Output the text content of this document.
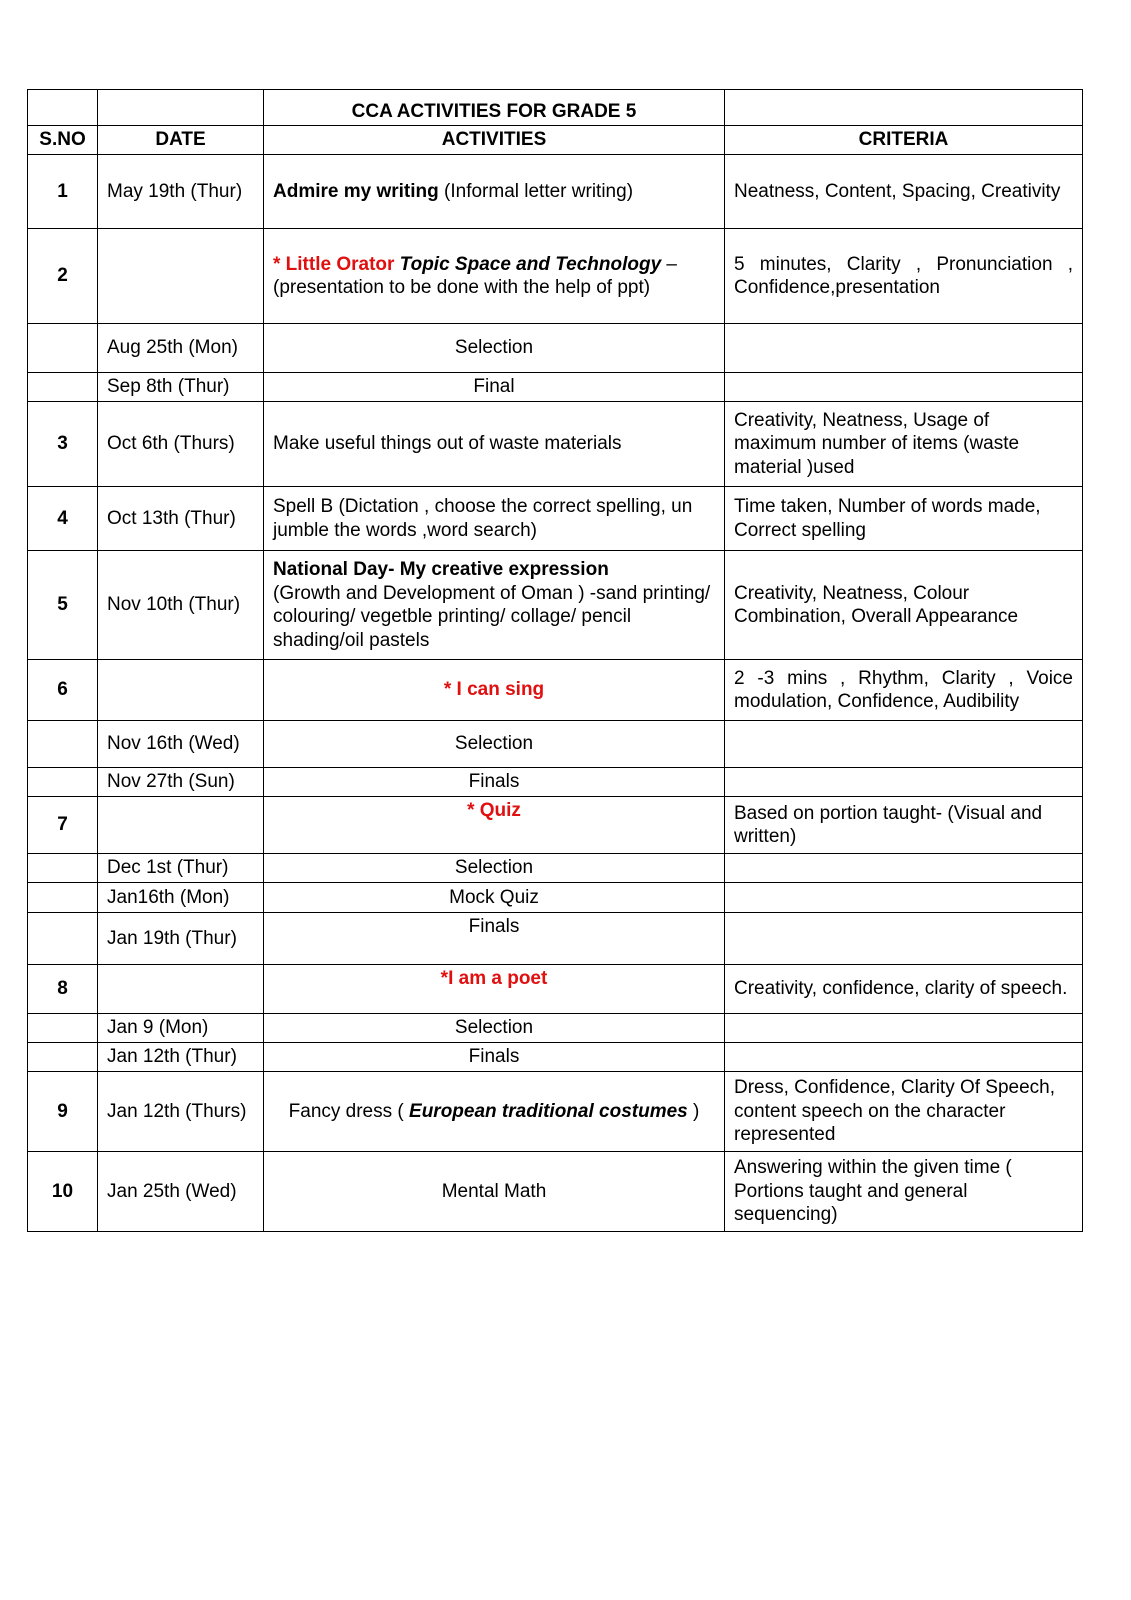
		CCA ACTIVITIES FOR GRADE 5	
S.NO	DATE	ACTIVITIES	CRITERIA
1	May 19th (Thur)	Admire my writing (Informal letter writing)	Neatness, Content, Spacing, Creativity
2		* Little Orator Topic Space and Technology –(presentation to be done with the help of ppt)	5 minutes, Clarity , Pronunciation , Confidence,presentation
	Aug 25th (Mon)	Selection	
	Sep 8th (Thur)	Final	
3	Oct 6th (Thurs)	Make useful things out of waste materials	Creativity, Neatness, Usage of maximum number of items (waste material )used
4	Oct 13th (Thur)	Spell B (Dictation , choose the correct spelling, un jumble the words ,word search)	Time taken, Number of words made, Correct spelling
5	Nov 10th (Thur)	National Day- My creative expression
(Growth and Development of Oman ) -sand printing/ colouring/ vegetble printing/ collage/ pencil shading/oil pastels	Creativity, Neatness, Colour Combination, Overall Appearance
6		* I can sing	2 -3 mins , Rhythm, Clarity , Voice modulation, Confidence, Audibility
	Nov 16th (Wed)	Selection	
	Nov 27th (Sun)	Finals	
7		* Quiz	Based on portion taught- (Visual and written)
	Dec 1st (Thur)	Selection	
	Jan16th (Mon)	Mock Quiz	
	Jan 19th (Thur)	Finals	
8		*I am a poet	Creativity, confidence, clarity of speech.
	Jan 9 (Mon)	Selection	
	Jan 12th (Thur)	Finals	
9	Jan 12th (Thurs)	Fancy dress ( European traditional costumes )	Dress, Confidence, Clarity Of Speech, content speech on the character represented
10	Jan 25th (Wed)	Mental Math	Answering within the given time ( Portions taught and general sequencing)
